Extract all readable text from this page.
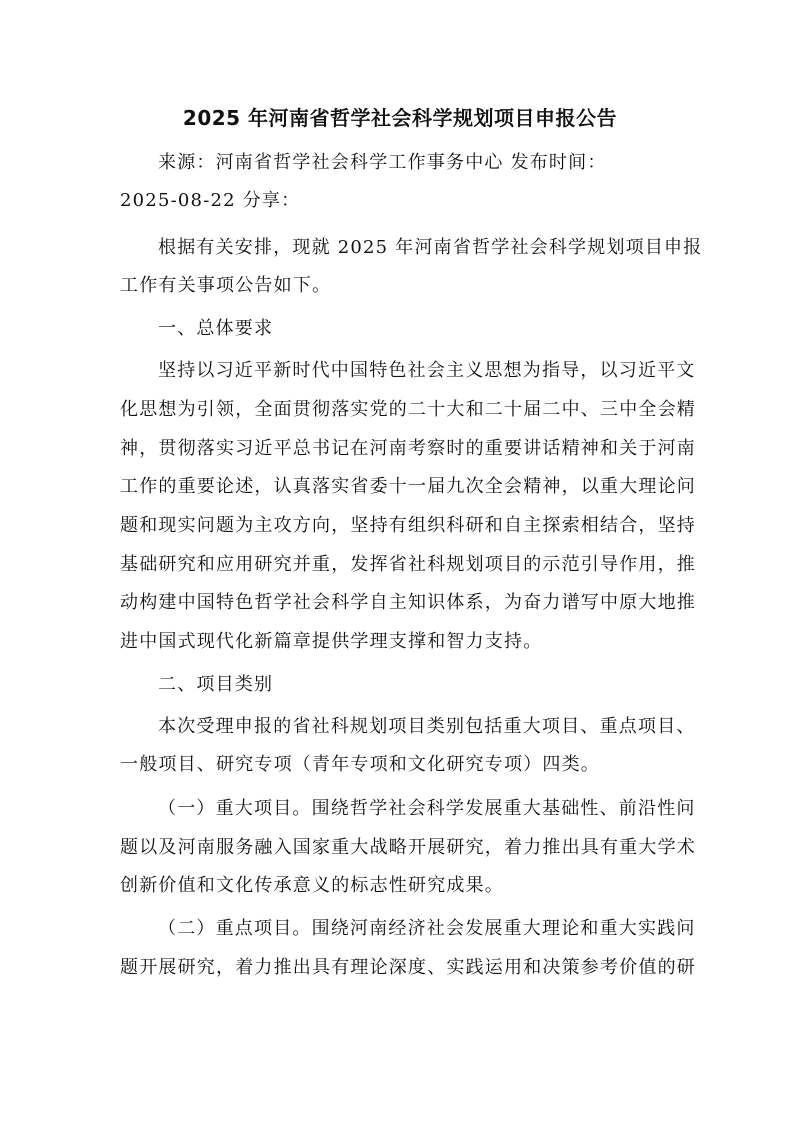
2025 年河南省哲学社会科学规划项目申报公告
来源：河南省哲学社会科学工作事务中心 发布时间：
2025-08-22 分享：
根据有关安排，现就 2025 年河南省哲学社会科学规划项目申报
工作有关事项公告如下。
一、总体要求
坚持以习近平新时代中国特色社会主义思想为指导，以习近平文
化思想为引领，全面贯彻落实党的二十大和二十届二中、三中全会精
神，贯彻落实习近平总书记在河南考察时的重要讲话精神和关于河南
工作的重要论述，认真落实省委十一届九次全会精神，以重大理论问
题和现实问题为主攻方向，坚持有组织科研和自主探索相结合，坚持
基础研究和应用研究并重，发挥省社科规划项目的示范引导作用，推
动构建中国特色哲学社会科学自主知识体系，为奋力谱写中原大地推
进中国式现代化新篇章提供学理支撑和智力支持。
二、项目类别
本次受理申报的省社科规划项目类别包括重大项目、重点项目、
一般项目、研究专项（青年专项和文化研究专项）四类。
（一）重大项目。围绕哲学社会科学发展重大基础性、前沿性问
题以及河南服务融入国家重大战略开展研究，着力推出具有重大学术
创新价值和文化传承意义的标志性研究成果。
（二）重点项目。围绕河南经济社会发展重大理论和重大实践问
题开展研究，着力推出具有理论深度、实践运用和决策参考价值的研
